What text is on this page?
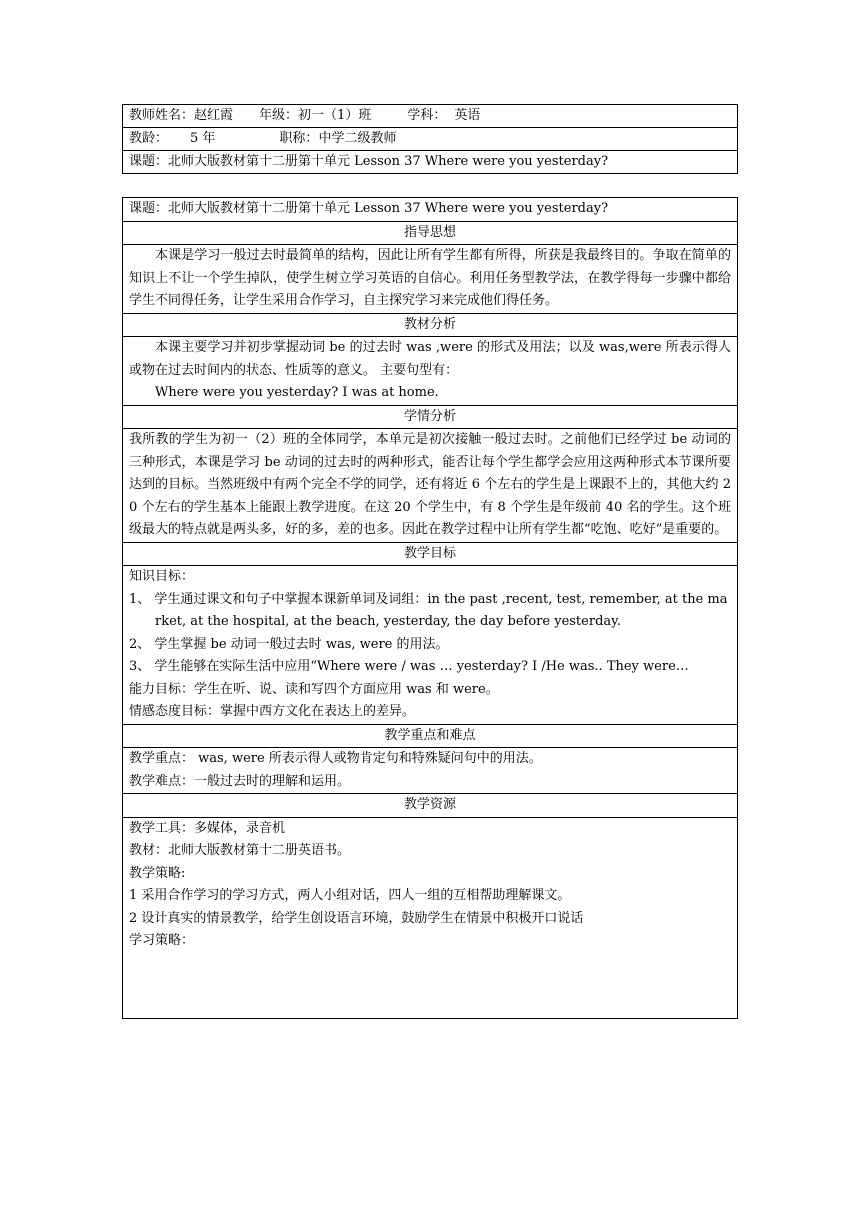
教师姓名：赵红霞 年级：初一（1）班	学科： 英语
教龄： 5 年	职称：中学二级教师
课题：北师大版教材第十二册第十单元 Lesson 37 Where were you yesterday?
课题：北师大版教材第十二册第十单元 Lesson 37 Where were you yesterday?
指导思想
本课是学习一般过去时最简单的结构，因此让所有学生都有所得，所获是我最终目的。争取在简单的知识上不让一个学生掉队，使学生树立学习英语的自信心。利用任务型教学法，在教学得每一步骤中都给学生不同得任务，让学生采用合作学习，自主探究学习来完成他们得任务。
教材分析

本课主要学习并初步掌握动词 be 的过去时 was ,were 的形式及用法；以及 was,were 所表示得人或物在过去时间内的状态、性质等的意义。 主要句型有：
Where were you yesterday? I was at home.

学情分析
我所教的学生为初一（2）班的全体同学，本单元是初次接触一般过去时。之前他们已经学过 be 动词的三种形式，本课是学习 be 动词的过去时的两种形式，能否让每个学生都学会应用这两种形式本节课所要达到的目标。当然班级中有两个完全不学的同学，还有将近 6 个左右的学生是上课跟不上的，其他大约 20 个左右的学生基本上能跟上教学进度。在这 20 个学生中，有 8 个学生是年级前 40 名的学生。这个班级最大的特点就是两头多，好的多，差的也多。因此在教学过程中让所有学生都“吃饱、吃好”是重要的。
教学目标

知识目标：
1、 学生通过课文和句子中掌握本课新单词及词组：in the past ,recent, test, remember, at the market, at the hospital, at the beach, yesterday, the day before yesterday.
2、 学生掌握 be 动词一般过去时 was, were 的用法。
3、 学生能够在实际生活中应用“Where were / was … yesterday? I /He was.. They were…
能力目标：学生在听、说、读和写四个方面应用 was 和 were。
情感态度目标：掌握中西方文化在表达上的差异。

教学重点和难点

教学重点： was, were 所表示得人或物肯定句和特殊疑问句中的用法。
教学难点：一般过去时的理解和运用。

教学资源

教学工具：多媒体，录音机
教材：北师大版教材第十二册英语书。
教学策略:
1 采用合作学习的学习方式，两人小组对话，四人一组的互相帮助理解课文。
2 设计真实的情景教学，给学生创设语言环境，鼓励学生在情景中积极开口说话
学习策略：
